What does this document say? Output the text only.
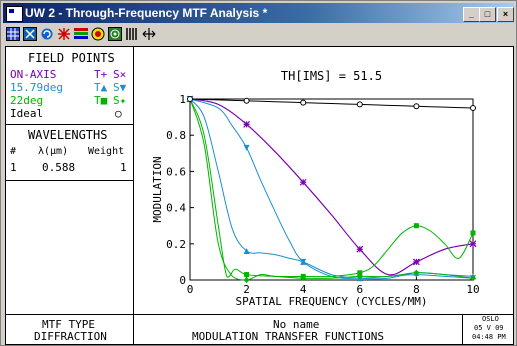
UW 2 - Through-Frequency MTF Analysis *	_	□	×
FIELD POINTS
ON-AXIS	T+ S×
15.79deg	T▲ S▼
22deg	T■ S✦
Ideal	○
WAVELENGTHS
# λ(μm) Weight
1 0.588	1
MTF TYPE
DIFFRACTION
No name
MODULATION TRANSFER FUNCTIONS
OSLO
05 V 09
04:48 PM
0	2	4	6	8	10
0
0.2
0.4
0.6
0.8
1
TH[IMS] = 51.5
SPATIAL FREQUENCY (CYCLES/MM)
MODULATION
